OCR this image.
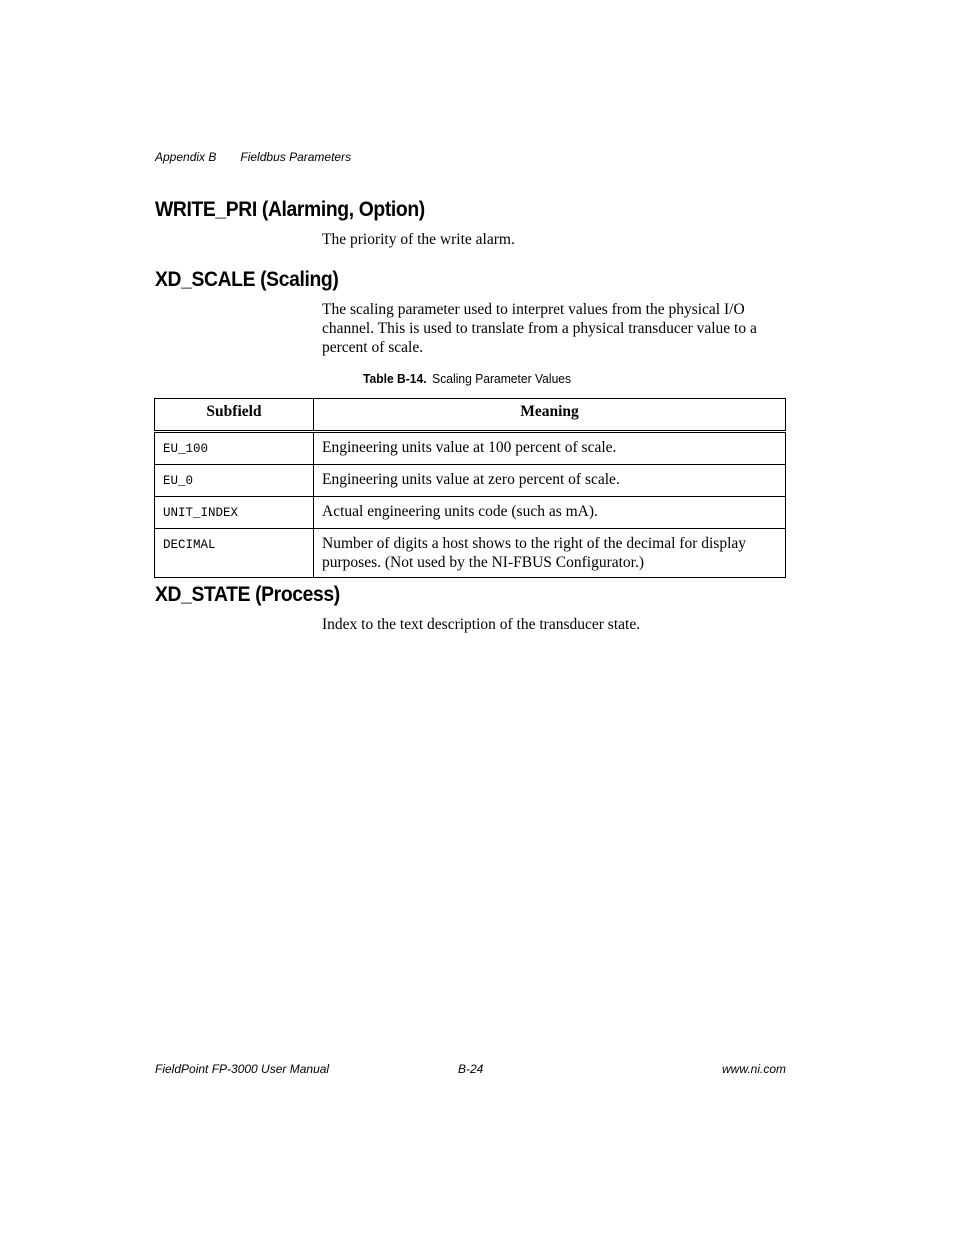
Appendix B Fieldbus Parameters
WRITE_PRI (Alarming, Option)
The priority of the write alarm.
XD_SCALE (Scaling)
The scaling parameter used to interpret values from the physical I/O channel. This is used to translate from a physical transducer value to a percent of scale.
Table B-14. Scaling Parameter Values
Subfield	Meaning
EU_100	Engineering units value at 100 percent of scale.
EU_0	Engineering units value at zero percent of scale.
UNIT_INDEX	Actual engineering units code (such as mA).
DECIMAL	Number of digits a host shows to the right of the decimal for display purposes. (Not used by the NI-FBUS Configurator.)
XD_STATE (Process)
Index to the text description of the transducer state.
FieldPoint FP-3000 User Manual	B-24	www.ni.com
